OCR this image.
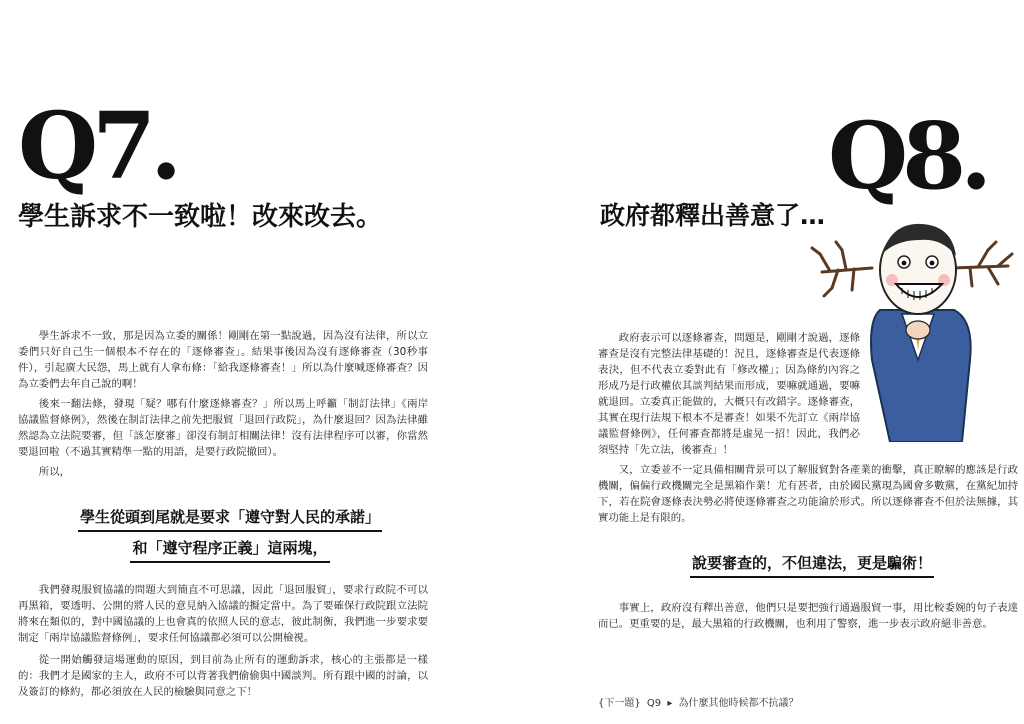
Q7.
學生訴求不一致啦！改來改去。

學生訴求不一致，那是因為立委的關係！剛剛在第一點說過，因為沒有法律，所以立委們只好自己生一個根本不存在的「逐條審查」。結果事後因為沒有逐條審查（30秒事件），引起廣大民怨，馬上就有人拿布條：「給我逐條審查！」所以為什麼喊逐條審查？因為立委們去年自己說的啊！

後來一翻法條，發現「疑？哪有什麼逐條審查？」所以馬上呼籲「制訂法律」《兩岸協議監督條例》，然後在制訂法律之前先把服貿「退回行政院」，為什麼退回？因為法律雖然認為立法院要審，但「該怎麼審」卻沒有制訂相關法律！沒有法律程序可以審，你當然要退回啦（不過其實精準一點的用語，是要行政院撤回）。

所以，

學生從頭到尾就是要求「遵守對人民的承諾」
和「遵守程序正義」這兩塊，

我們發現服貿協議的問題大到簡直不可思議，因此「退回服貿」，要求行政院不可以再黑箱，要透明、公開的將人民的意見納入協議的擬定當中。為了要確保行政院跟立法院將來在類似的，對中國協議的上也會真的依照人民的意志，彼此制衡，我們進一步要求要制定「兩岸協議監督條例」，要求任何協議都必須可以公開檢視。

從一開始觸發這場運動的原因，到目前為止所有的運動訴求，核心的主張都是一樣的：我們才是國家的主人，政府不可以背著我們偷偷與中國談判。所有跟中國的討論，以及簽訂的條約，都必須放在人民的檢驗與同意之下！

Q8.
政府都釋出善意了…

政府表示可以逐條審查，問題是，剛剛才說過，逐條審查是沒有完整法律基礎的！況且，逐條審查是代表逐條表決，但不代表立委對此有「修改權」；因為條約內容之形成乃是行政權依其談判結果而形成，要嘛就通過，要嘛就退回。立委真正能做的，大概只有改錯字。逐條審查，其實在現行法規下根本不是審查！如果不先訂立《兩岸協議監督條例》，任何審查都將是虛晃一招！因此，我們必須堅持「先立法，後審查」！

又，立委並不一定具備相關背景可以了解服貿對各產業的衝擊，真正瞭解的應該是行政機關，偏偏行政機關完全是黑箱作業！尤有甚者，由於國民黨現為國會多數黨，在黨紀加持下，若在院會逐條表決勢必將使逐條審查之功能淪於形式。所以逐條審查不但於法無據，其實功能上是有限的。

說要審查的，不但違法，更是騙術！

事實上，政府沒有釋出善意，他們只是要把強行通過服貿一事，用比較委婉的句子表達而已。更重要的是，最大黑箱的行政機關，也利用了警察，進一步表示政府絕非善意。

{下一題} Q9 ▸ 為什麼其他時候都不抗議？
